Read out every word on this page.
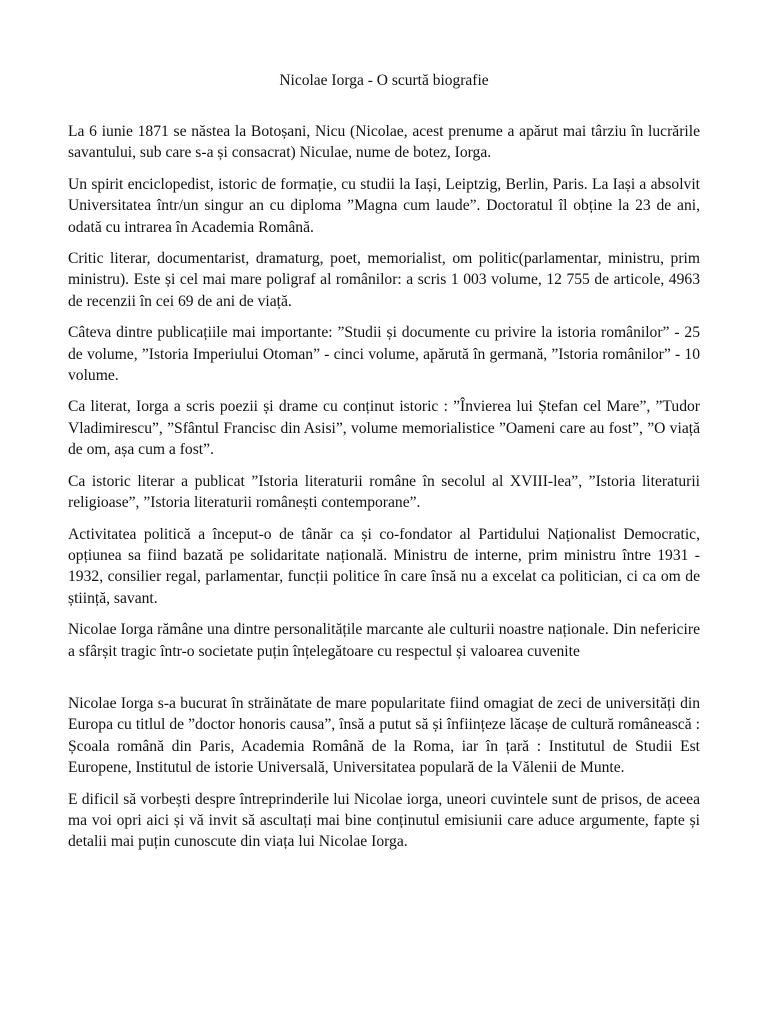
Nicolae Iorga - O scurtă biografie

La 6 iunie 1871 se năstea la Botoșani, Nicu (Nicolae, acest prenume a apărut mai târziu în lucrările savantului, sub care s-a și consacrat) Niculae, nume de botez, Iorga.

Un spirit enciclopedist, istoric de formație, cu studii la Iași, Leiptzig, Berlin, Paris. La Iași a absolvit Universitatea într/un singur an cu diploma ”Magna cum laude”. Doctoratul îl obține la 23 de ani, odată cu intrarea în Academia Română.

Critic literar, documentarist, dramaturg, poet, memorialist, om politic(parlamentar, ministru, prim ministru). Este și cel mai mare poligraf al românilor: a scris 1 003 volume, 12 755 de articole, 4963 de recenzii în cei 69 de ani de viață.

Câteva dintre publicațiile mai importante: ”Studii și documente cu privire la istoria românilor” - 25 de volume, ”Istoria Imperiului Otoman” - cinci volume, apărută în germană, ”Istoria românilor” - 10 volume.

Ca literat, Iorga a scris poezii și drame cu conținut istoric : ”Învierea lui Ștefan cel Mare”, ”Tudor Vladimirescu”, ”Sfântul Francisc din Asisi”, volume memorialistice ”Oameni care au fost”, ”O viață de om, așa cum a fost”.

Ca istoric literar a publicat ”Istoria literaturii române în secolul al XVIII-lea”, ”Istoria literaturii religioase”, ”Istoria literaturii românești contemporane”.

Activitatea politică a început-o de tânăr ca și co-fondator al Partidului Naționalist Democratic, opțiunea sa fiind bazată pe solidaritate națională. Ministru de interne, prim ministru între 1931 - 1932, consilier regal, parlamentar, funcții politice în care însă nu a excelat ca politician, ci ca om de știință, savant.

Nicolae Iorga rămâne una dintre personalitățile marcante ale culturii noastre naționale. Din nefericire a sfârșit tragic într-o societate puțin înțelegătoare cu respectul și valoarea cuvenite

Nicolae Iorga s-a bucurat în străinătate de mare popularitate fiind omagiat de zeci de universități din Europa cu titlul de ”doctor honoris causa”, însă a putut să și înființeze lăcașe de cultură românească : Școala română din Paris, Academia Română de la Roma, iar în țară : Institutul de Studii Est Europene, Institutul de istorie Universală, Universitatea populară de la Vălenii de Munte.

E dificil să vorbești despre întreprinderile lui Nicolae iorga, uneori cuvintele sunt de prisos, de aceea ma voi opri aici și vă invit să ascultați mai bine conținutul emisiunii care aduce argumente, fapte și detalii mai puțin cunoscute din viața lui Nicolae Iorga.
